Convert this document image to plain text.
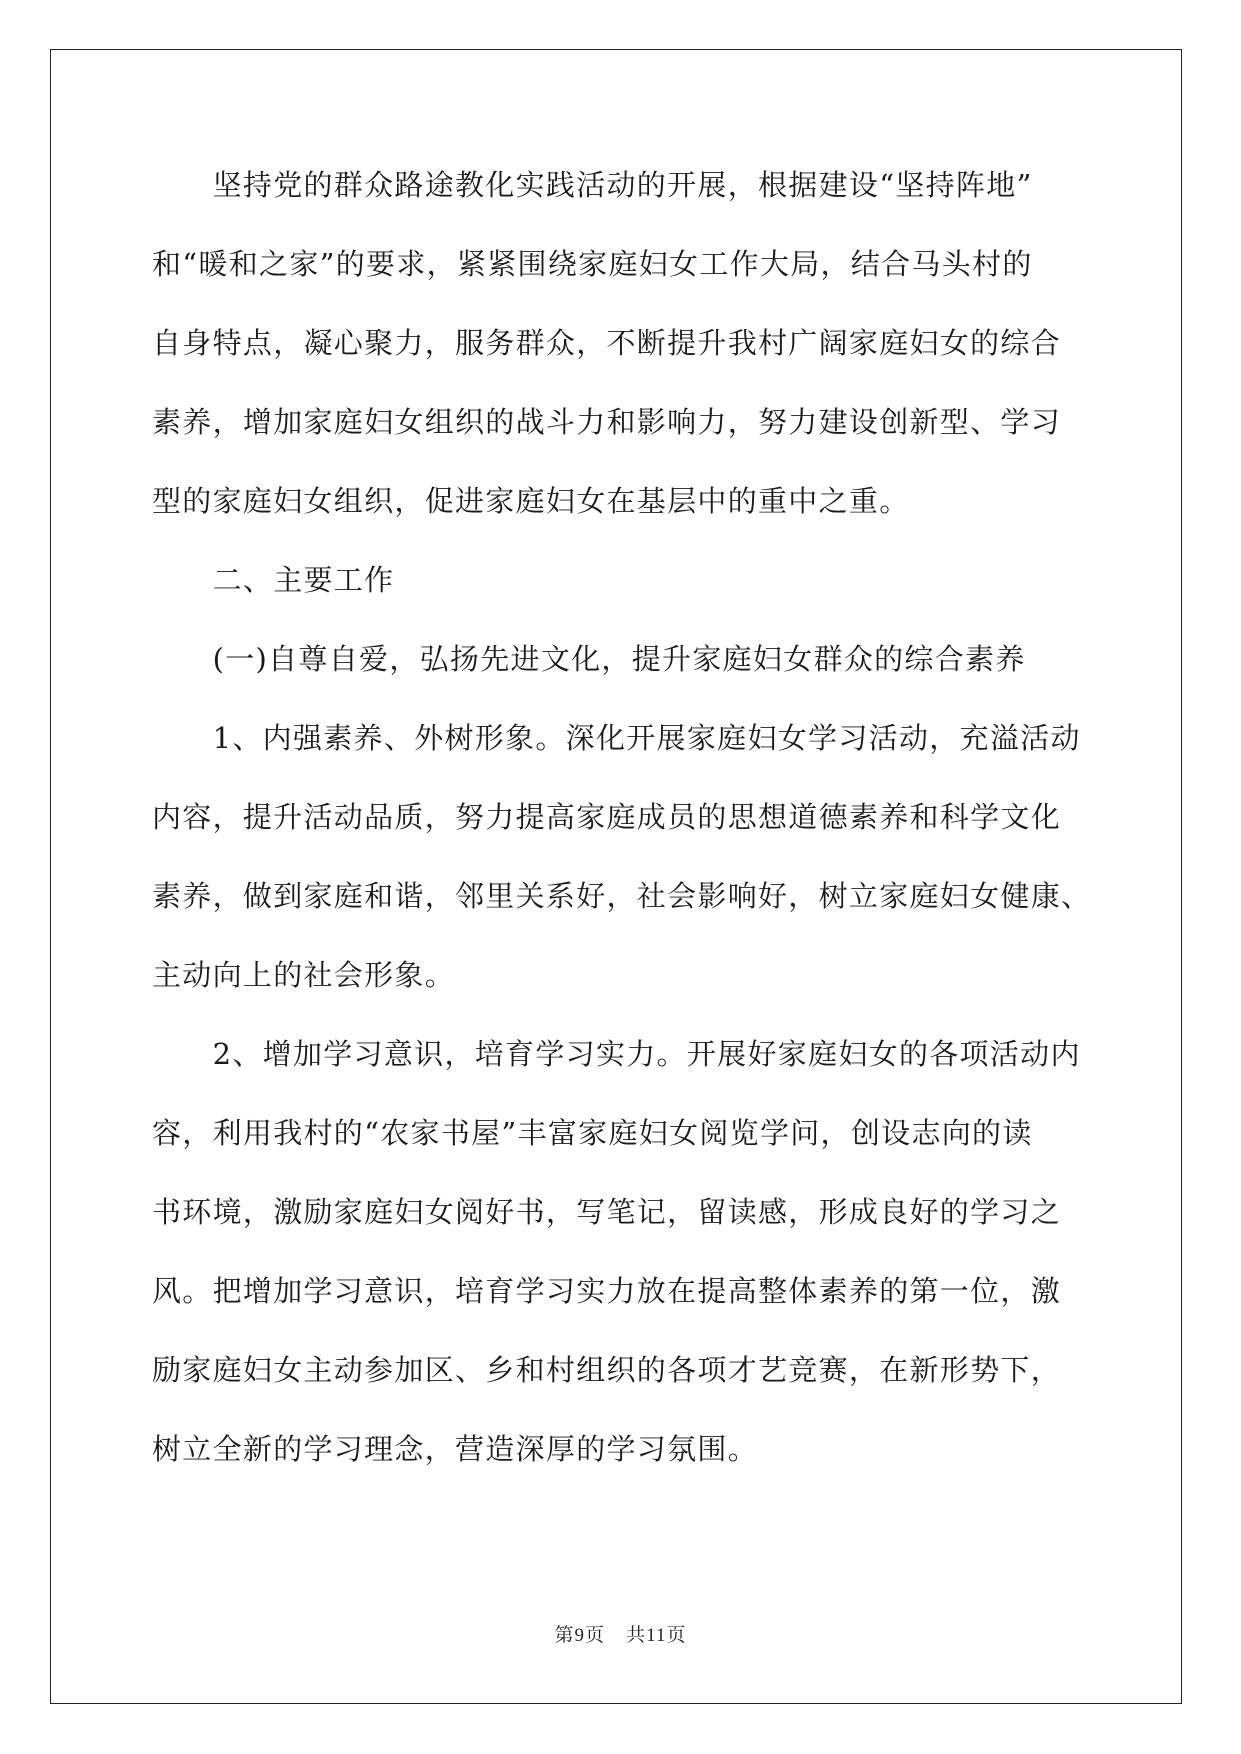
　　坚持党的群众路途教化实践活动的开展，根据建设“坚持阵地”
和“暖和之家”的要求，紧紧围绕家庭妇女工作大局，结合马头村的
自身特点，凝心聚力，服务群众，不断提升我村广阔家庭妇女的综合
素养，增加家庭妇女组织的战斗力和影响力，努力建设创新型、学习
型的家庭妇女组织，促进家庭妇女在基层中的重中之重。
　　二、主要工作
　　(一)自尊自爱，弘扬先进文化，提升家庭妇女群众的综合素养
　　1、内强素养、外树形象。深化开展家庭妇女学习活动，充溢活动
内容，提升活动品质，努力提高家庭成员的思想道德素养和科学文化
素养，做到家庭和谐，邻里关系好，社会影响好，树立家庭妇女健康、
主动向上的社会形象。
　　2、增加学习意识，培育学习实力。开展好家庭妇女的各项活动内
容，利用我村的“农家书屋”丰富家庭妇女阅览学问，创设志向的读
书环境，激励家庭妇女阅好书，写笔记，留读感，形成良好的学习之
风。把增加学习意识，培育学习实力放在提高整体素养的第一位，激
励家庭妇女主动参加区、乡和村组织的各项才艺竞赛，在新形势下，
树立全新的学习理念，营造深厚的学习氛围。
第9页 共11页
